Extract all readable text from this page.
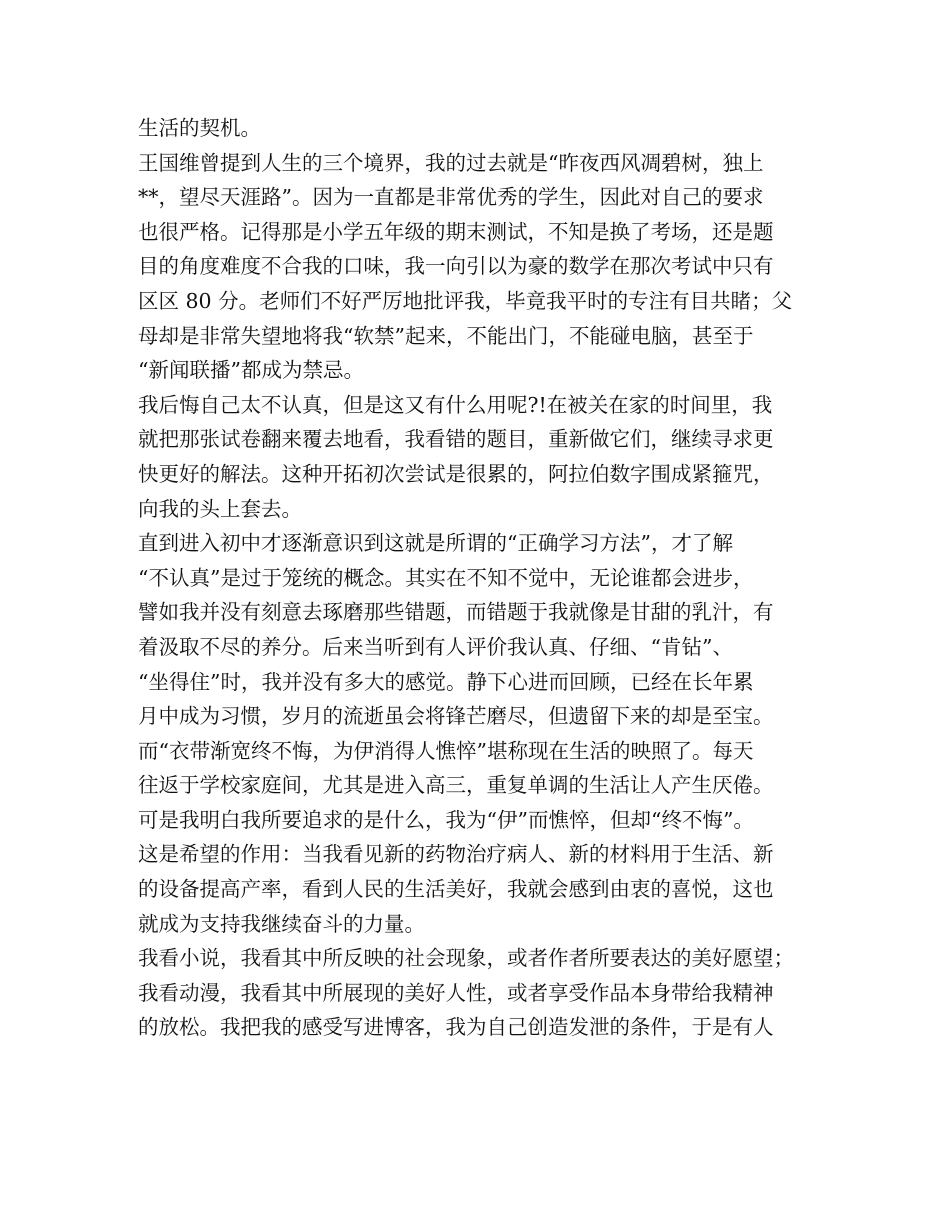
生活的契机。
王国维曾提到人生的三个境界，我的过去就是“昨夜西风凋碧树，独上
**，望尽天涯路”。因为一直都是非常优秀的学生，因此对自己的要求
也很严格。记得那是小学五年级的期末测试，不知是换了考场，还是题
目的角度难度不合我的口味，我一向引以为豪的数学在那次考试中只有
区区 80 分。老师们不好严厉地批评我，毕竟我平时的专注有目共睹；父
母却是非常失望地将我“软禁”起来，不能出门，不能碰电脑，甚至于
“新闻联播”都成为禁忌。
我后悔自己太不认真，但是这又有什么用呢?!在被关在家的时间里，我
就把那张试卷翻来覆去地看，我看错的题目，重新做它们，继续寻求更
快更好的解法。这种开拓初次尝试是很累的，阿拉伯数字围成紧箍咒，
向我的头上套去。
直到进入初中才逐渐意识到这就是所谓的“正确学习方法”，才了解
“不认真”是过于笼统的概念。其实在不知不觉中，无论谁都会进步，
譬如我并没有刻意去琢磨那些错题，而错题于我就像是甘甜的乳汁，有
着汲取不尽的养分。后来当听到有人评价我认真、仔细、“肯钻”、
“坐得住”时，我并没有多大的感觉。静下心进而回顾，已经在长年累
月中成为习惯，岁月的流逝虽会将锋芒磨尽，但遗留下来的却是至宝。
而“衣带渐宽终不悔，为伊消得人憔悴”堪称现在生活的映照了。每天
往返于学校家庭间，尤其是进入高三，重复单调的生活让人产生厌倦。
可是我明白我所要追求的是什么，我为“伊”而憔悴，但却“终不悔”。
这是希望的作用：当我看见新的药物治疗病人、新的材料用于生活、新
的设备提高产率，看到人民的生活美好，我就会感到由衷的喜悦，这也
就成为支持我继续奋斗的力量。
我看小说，我看其中所反映的社会现象，或者作者所要表达的美好愿望；
我看动漫，我看其中所展现的美好人性，或者享受作品本身带给我精神
的放松。我把我的感受写进博客，我为自己创造发泄的条件，于是有人
